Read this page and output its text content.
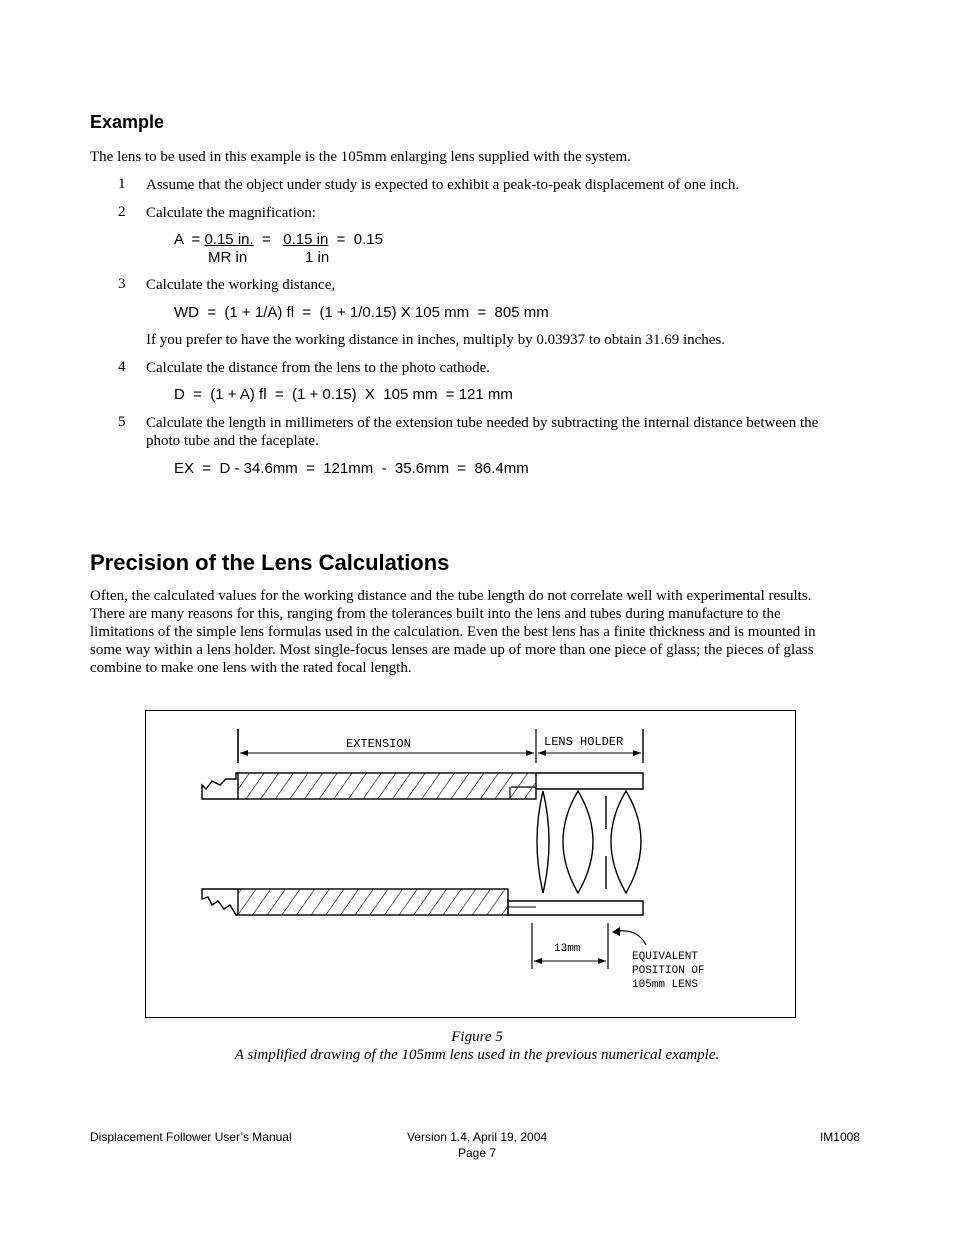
Example
The lens to be used in this example is the 105mm enlarging lens supplied with the system.
1 Assume that the object under study is expected to exhibit a peak-to-peak displacement of one inch.
2 Calculate the magnification:
A  = 0.15 in.  =   0.15 in  =  0.15
MR in	1 in
3 Calculate the working distance,
WD  =  (1 + 1/A) fl  =  (1 + 1/0.15) X 105 mm  =  805 mm
If you prefer to have the working distance in inches, multiply by 0.03937 to obtain 31.69 inches.
4 Calculate the distance from the lens to the photo cathode.
D  =  (1 + A) fl  =  (1 + 0.15)  X  105 mm  = 121 mm
5 Calculate the length in millimeters of the extension tube needed by subtracting the internal distance between the photo tube and the faceplate.
EX  =  D - 34.6mm  =  121mm  -  35.6mm  =  86.4mm
Precision of the Lens Calculations
Often, the calculated values for the working distance and the tube length do not correlate well with experimental results. There are many reasons for this, ranging from the tolerances built into the lens and tubes during manufacture to the limitations of the simple lens formulas used in the calculation. Even the best lens has a finite thickness and is mounted in some way within a lens holder. Most single-focus lenses are made up of more than one piece of glass; the pieces of glass combine to make one lens with the rated focal length.
EXTENSION	LENS HOLDER
13mm
EQUIVALENT
POSITION OF
105mm LENS
Figure 5
A simplified drawing of the 105mm lens used in the previous numerical example.
Displacement Follower User’s Manual	Version 1.4, April 19, 2004
Page 7
IM1008
